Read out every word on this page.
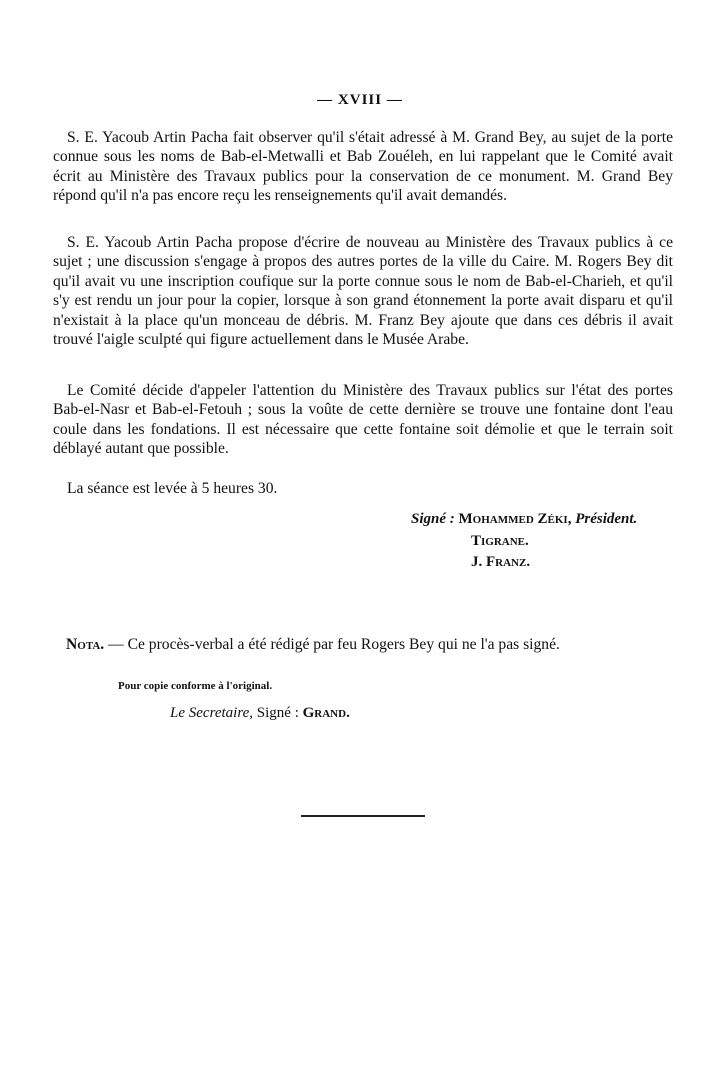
— XVIII —

S. E. Yacoub Artin Pacha fait observer qu'il s'était adressé à M. Grand Bey, au sujet de la porte connue sous les noms de Bab-el-Metwalli et Bab Zouéleh, en lui rappelant que le Comité avait écrit au Ministère des Travaux publics pour la conservation de ce monument. M. Grand Bey répond qu'il n'a pas encore reçu les renseignements qu'il avait demandés.

S. E. Yacoub Artin Pacha propose d'écrire de nouveau au Ministère des Travaux publics à ce sujet ; une discussion s'engage à propos des autres portes de la ville du Caire. M. Rogers Bey dit qu'il avait vu une inscription coufique sur la porte connue sous le nom de Bab-el-Charieh, et qu'il s'y est rendu un jour pour la copier, lorsque à son grand étonnement la porte avait disparu et qu'il n'existait à la place qu'un monceau de débris. M. Franz Bey ajoute que dans ces débris il avait trouvé l'aigle sculpté qui figure actuellement dans le Musée Arabe.

Le Comité décide d'appeler l'attention du Ministère des Travaux publics sur l'état des portes Bab-el-Nasr et Bab-el-Fetouh ; sous la voûte de cette dernière se trouve une fontaine dont l'eau coule dans les fondations. Il est nécessaire que cette fontaine soit démolie et que le terrain soit déblayé autant que possible.

La séance est levée à 5 heures 30.

Signé : Mohammed Zéki, Président.
Tigrane.
J. Franz.
Nota. — Ce procès-verbal a été rédigé par feu Rogers Bey qui ne l'a pas signé.
Pour copie conforme à l'original.
Le Secretaire, Signé : Grand.
